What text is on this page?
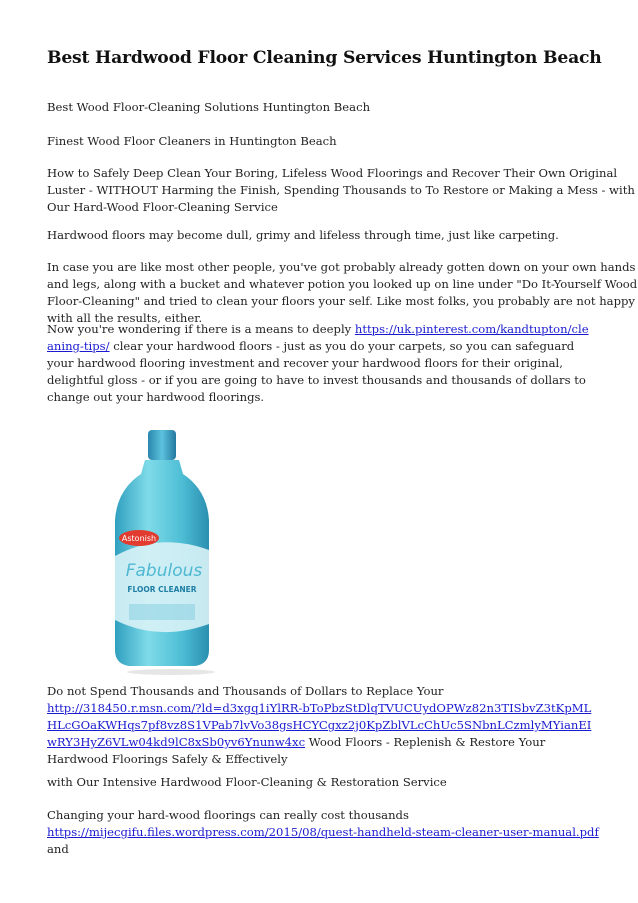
Best Hardwood Floor Cleaning Services Huntington Beach

Best Wood Floor-Cleaning Solutions Huntington Beach

Finest Wood Floor Cleaners in Huntington Beach

How to Safely Deep Clean Your Boring, Lifeless Wood Floorings and Recover Their Own Original
Luster - WITHOUT Harming the Finish, Spending Thousands to To Restore or Making a Mess - with
Our Hard-Wood Floor-Cleaning Service

Hardwood floors may become dull, grimy and lifeless through time, just like carpeting.

In case you are like most other people, you've got probably already gotten down on your own hands
and legs, along with a bucket and whatever potion you looked up on line under "Do It-Yourself Wood
Floor-Cleaning" and tried to clean your floors your self. Like most folks, you probably are not happy
with all the results, either.

Now you're wondering if there is a means to deeply https://uk.pinterest.com/kandtupton/cleaning-tips/ clear your hardwood floors - just as you do your carpets, so you can safeguard your hardwood flooring investment and recover your hardwood floors for their original, delightful gloss - or if you are going to have to invest thousands and thousands of dollars to change out your hardwood floorings.

Astonish
Fabulous
FLOOR CLEANER

Do not Spend Thousands and Thousands of Dollars to Replace Your
http://318450.r.msn.com/?ld=d3xgq1iYlRR-bToPbzStDlqTVUCUydOPWz82n3TISbvZ3tKpMLHLcGOaKWHqs7pf8vz8S1VPab7lvVo38gsHCYCgxz2j0KpZblVLcChUc5SNbnLCzmlyMYianEIwRY3HyZ6VLw04kd9lC8xSb0yv6Ynunw4xc Wood Floors - Replenish & Restore Your Hardwood Floorings Safely & Effectively

with Our Intensive Hardwood Floor-Cleaning & Restoration Service

Changing your hard-wood floorings can really cost thousands
https://mijecgifu.files.wordpress.com/2015/08/quest-handheld-steam-cleaner-user-manual.pdf and
